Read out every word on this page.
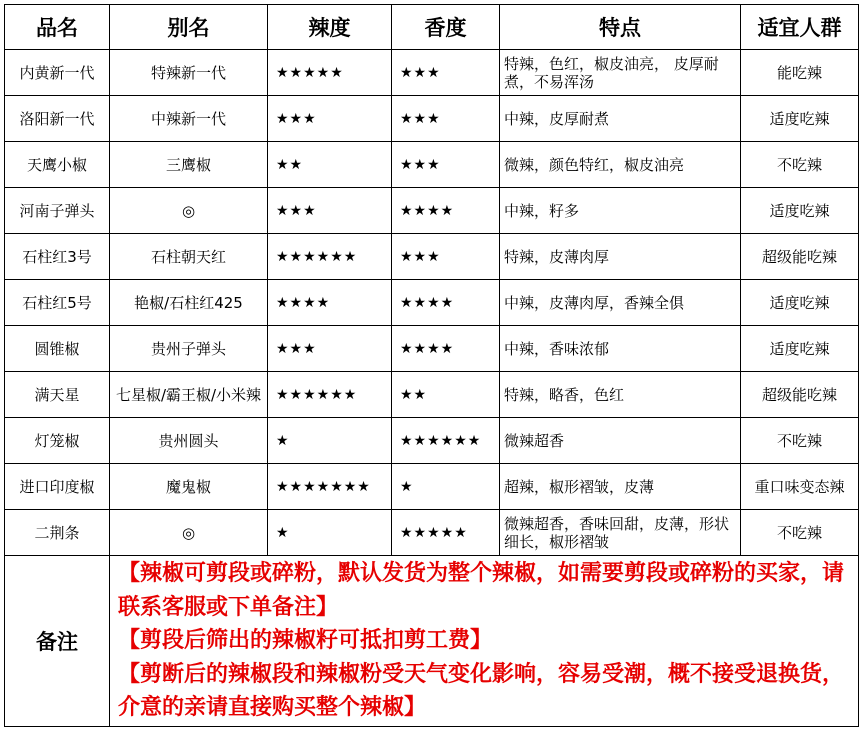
品名	别名	辣度	香度	特点	适宜人群
内黄新一代	特辣新一代	★★★★★	★★★	特辣，色红，椒皮油亮， 皮厚耐煮，不易浑汤	能吃辣
洛阳新一代	中辣新一代	★★★	★★★	中辣，皮厚耐煮	适度吃辣
天鹰小椒	三鹰椒	★★	★★★	微辣，颜色特红，椒皮油亮	不吃辣
河南子弹头	◎	★★★	★★★★	中辣，籽多	适度吃辣
石柱红3号	石柱朝天红	★★★★★★	★★★	特辣，皮薄肉厚	超级能吃辣
石柱红5号	艳椒/石柱红425	★★★★	★★★★	中辣，皮薄肉厚，香辣全俱	适度吃辣
圆锥椒	贵州子弹头	★★★	★★★★	中辣，香味浓郁	适度吃辣
满天星	七星椒/霸王椒/小米辣	★★★★★★	★★	特辣，略香，色红	超级能吃辣
灯笼椒	贵州圆头	★	★★★★★★	微辣超香	不吃辣
进口印度椒	魔鬼椒	★★★★★★★	★	超辣，椒形褶皱，皮薄	重口味变态辣
二荆条	◎	★	★★★★★	微辣超香，香味回甜，皮薄，形状细长，椒形褶皱	不吃辣
备注	【辣椒可剪段或碎粉，默认发货为整个辣椒，如需要剪段或碎粉的买家，请联系客服或下单备注】
【剪段后筛出的辣椒籽可抵扣剪工费】
【剪断后的辣椒段和辣椒粉受天气变化影响，容易受潮，概不接受退换货，介意的亲请直接购买整个辣椒】				
